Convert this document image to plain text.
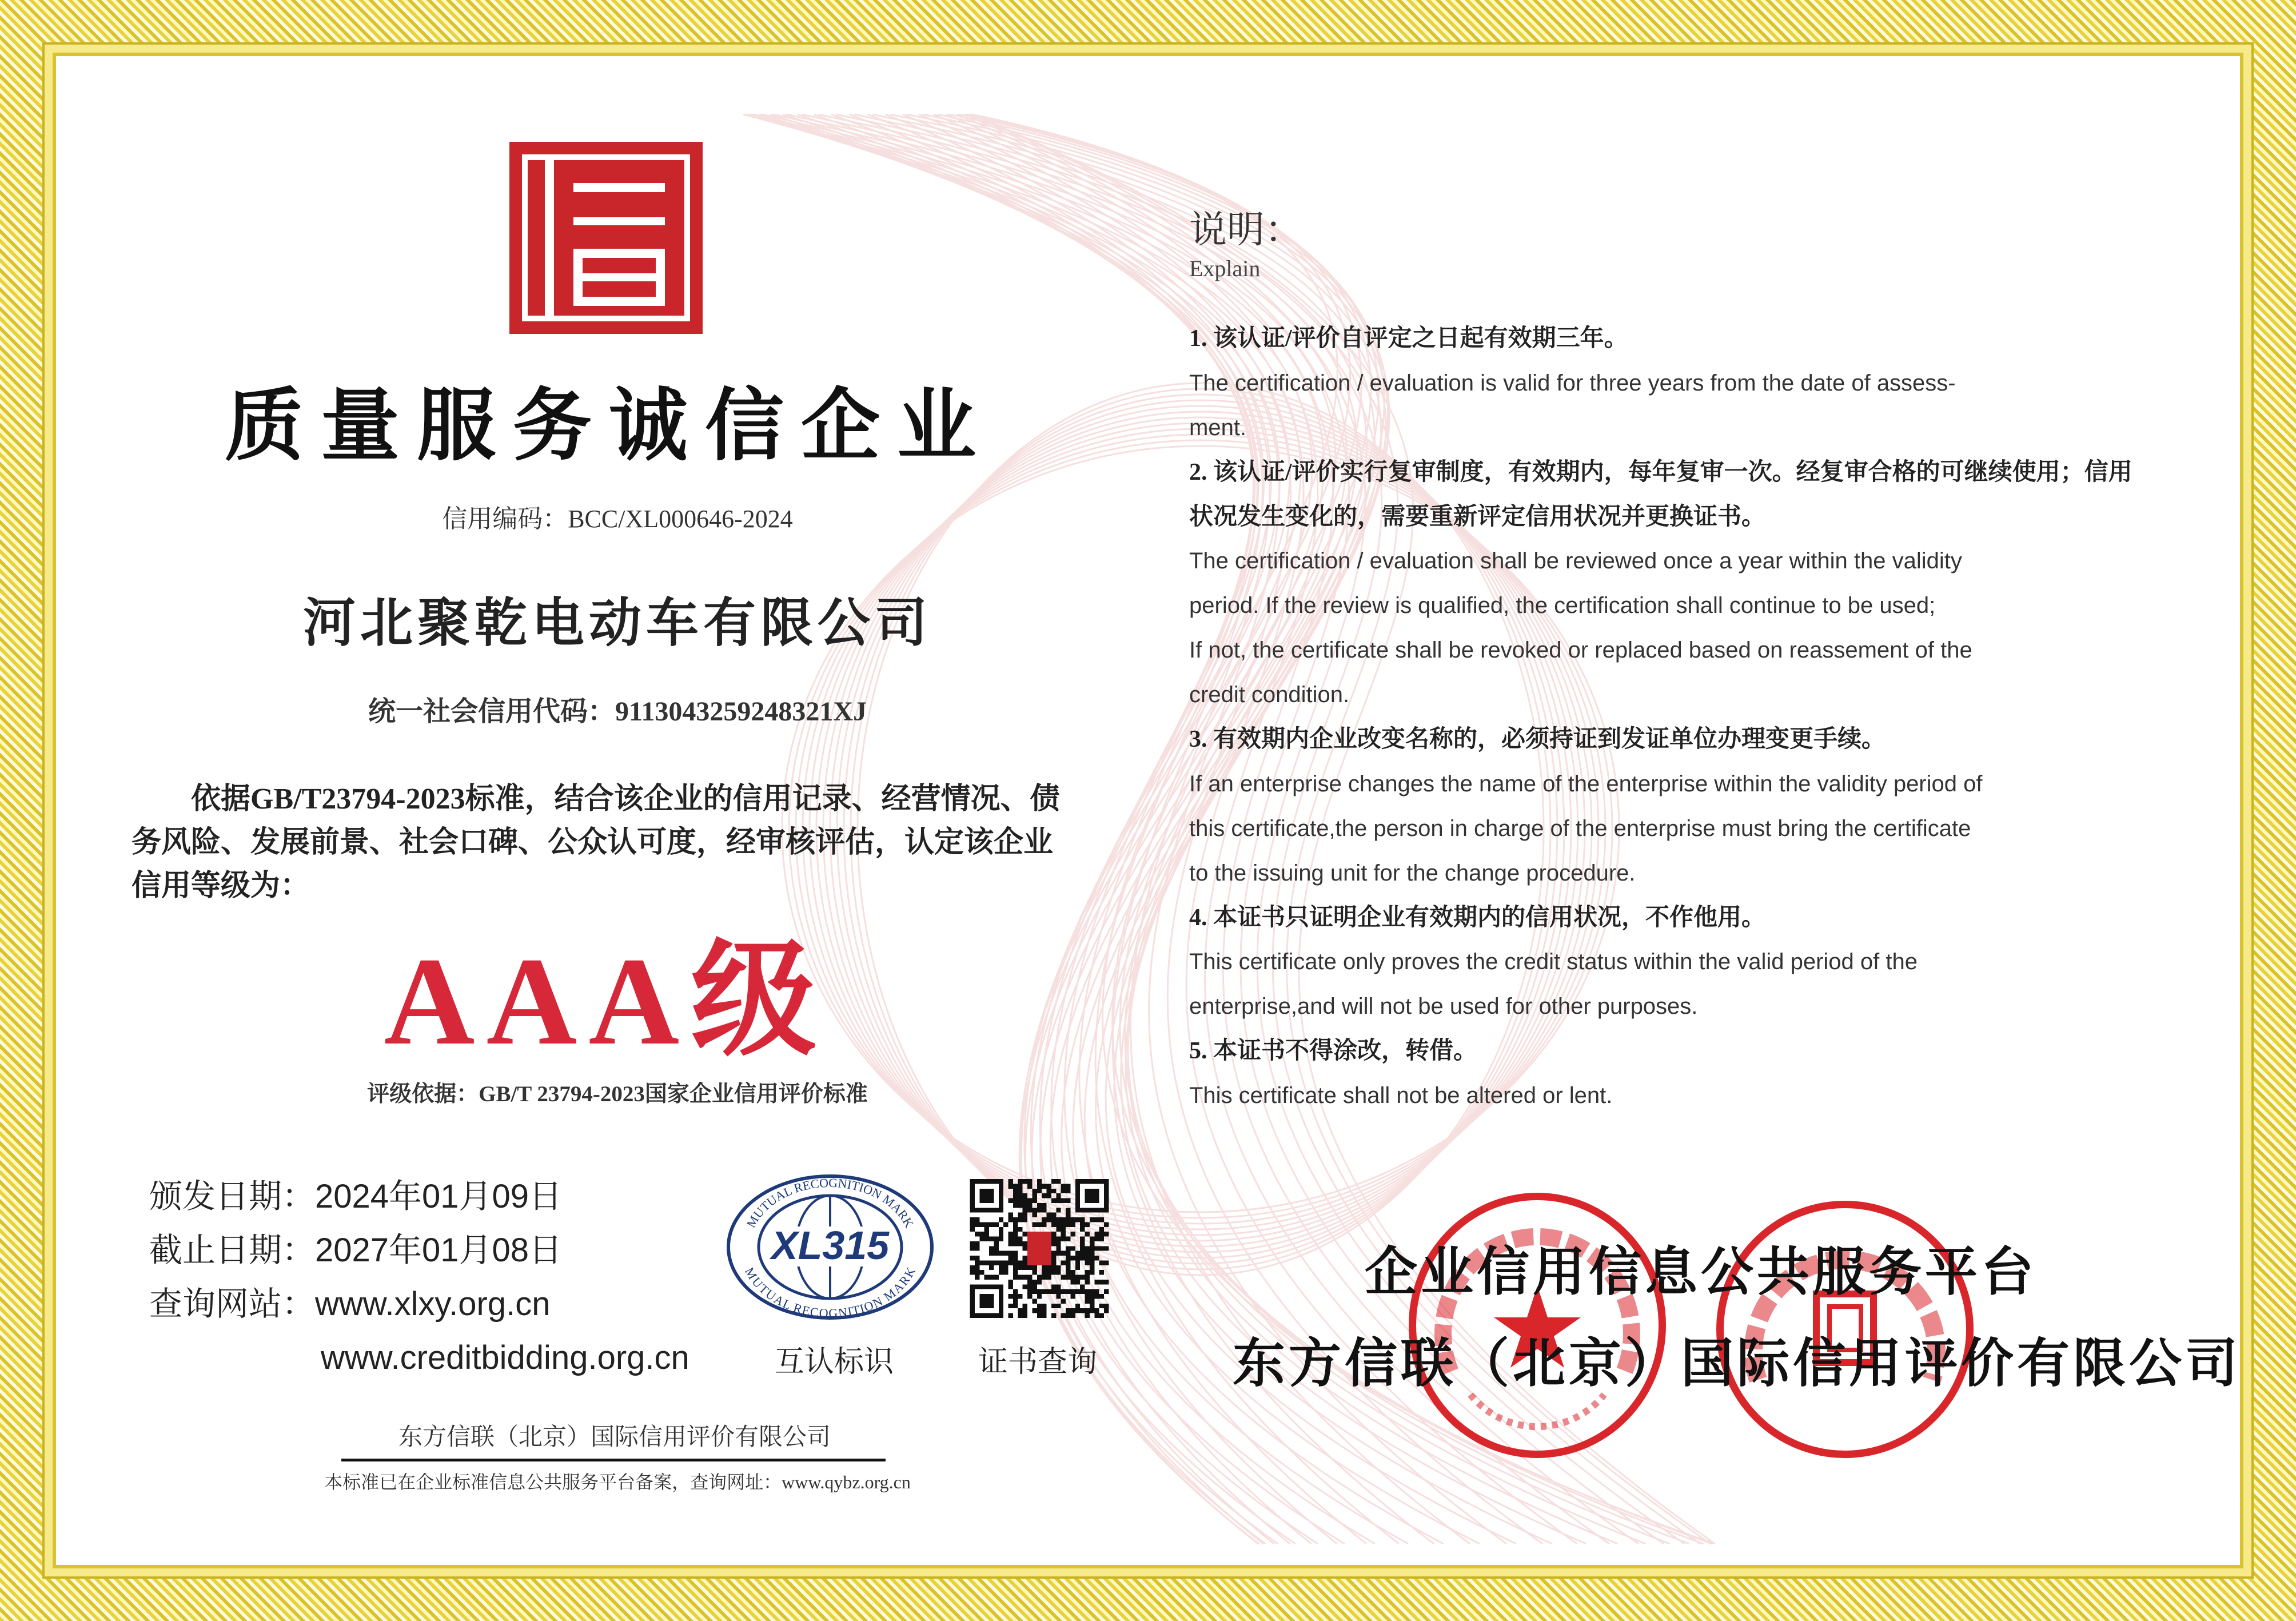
质量服务诚信企业
信用编码：BCC/XL000646-2024
河北聚乾电动车有限公司
统一社会信用代码：9113043259248321XJ
依据GB/T23794-2023标准，结合该企业的信用记录、经营情况、债务风险、发展前景、社会口碑、公众认可度，经审核评估，认定该企业信用等级为：
AAA级
评级依据：GB/T 23794-2023国家企业信用评价标准
颁发日期：2024年01月09日
截止日期：2027年01月08日
查询网站：www.xlxy.org.cn
www.creditbidding.org.cn
MUTUAL RECOGNITION MARK
MUTUAL RECOGNITION MARK
XL315
互认标识	证书查询
东方信联（北京）国际信用评价有限公司
本标准已在企业标准信息公共服务平台备案，查询网址：www.qybz.org.cn
说明：
Explain
1. 该认证/评价自评定之日起有效期三年。
The certification / evaluation is valid for three years from the date of assess-
ment.
2. 该认证/评价实行复审制度，有效期内，每年复审一次。经复审合格的可继续使用；信用
状况发生变化的，需要重新评定信用状况并更换证书。
The certification / evaluation shall be reviewed once a year within the validity
period. If the review is qualified, the certification shall continue to be used;
If not, the certificate shall be revoked or replaced based on reassement of the
credit condition.
3. 有效期内企业改变名称的，必须持证到发证单位办理变更手续。
If an enterprise changes the name of the enterprise within the validity period of
this certificate,the person in charge of the enterprise must bring the certificate
to the issuing unit for the change procedure.
4. 本证书只证明企业有效期内的信用状况，不作他用。
This certificate only proves the credit status within the valid period of the
enterprise,and will not be used for other purposes.
5. 本证书不得涂改，转借。
This certificate shall not be altered or lent.
企业信用信息公共服务平台
东方信联（北京）国际信用评价有限公司
